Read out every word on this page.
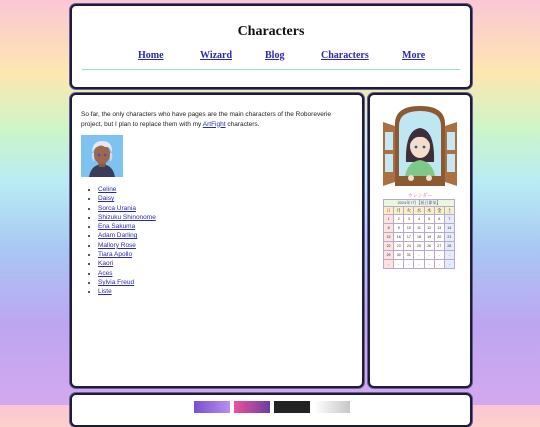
Characters
Home	Wizard	Blog	Characters	More

So far, the only characters who have pages are the main characters of the Roboreverie project, but I plan to replace them with my ArtFight characters.

• Celine
• Daisy
• Sorca Urania
• Shizuku Shinonome
• Ena Sakuma
• Adam Darling
• Mallory Rose
• Tiara Apollo
• Kaori
• Aces
• Sylvia Freud
• Liste
カレンダー
2024年7月【祝日節気】
日	月	火	水	木	金	土
1	2	3	4	5	6	7
8	9	10	11	12	13	14
15	16	17	18	19	20	21
22	23	24	25	26	27	28
29	30	31	-	-	-	-
-	-	-	-	-	-	-
